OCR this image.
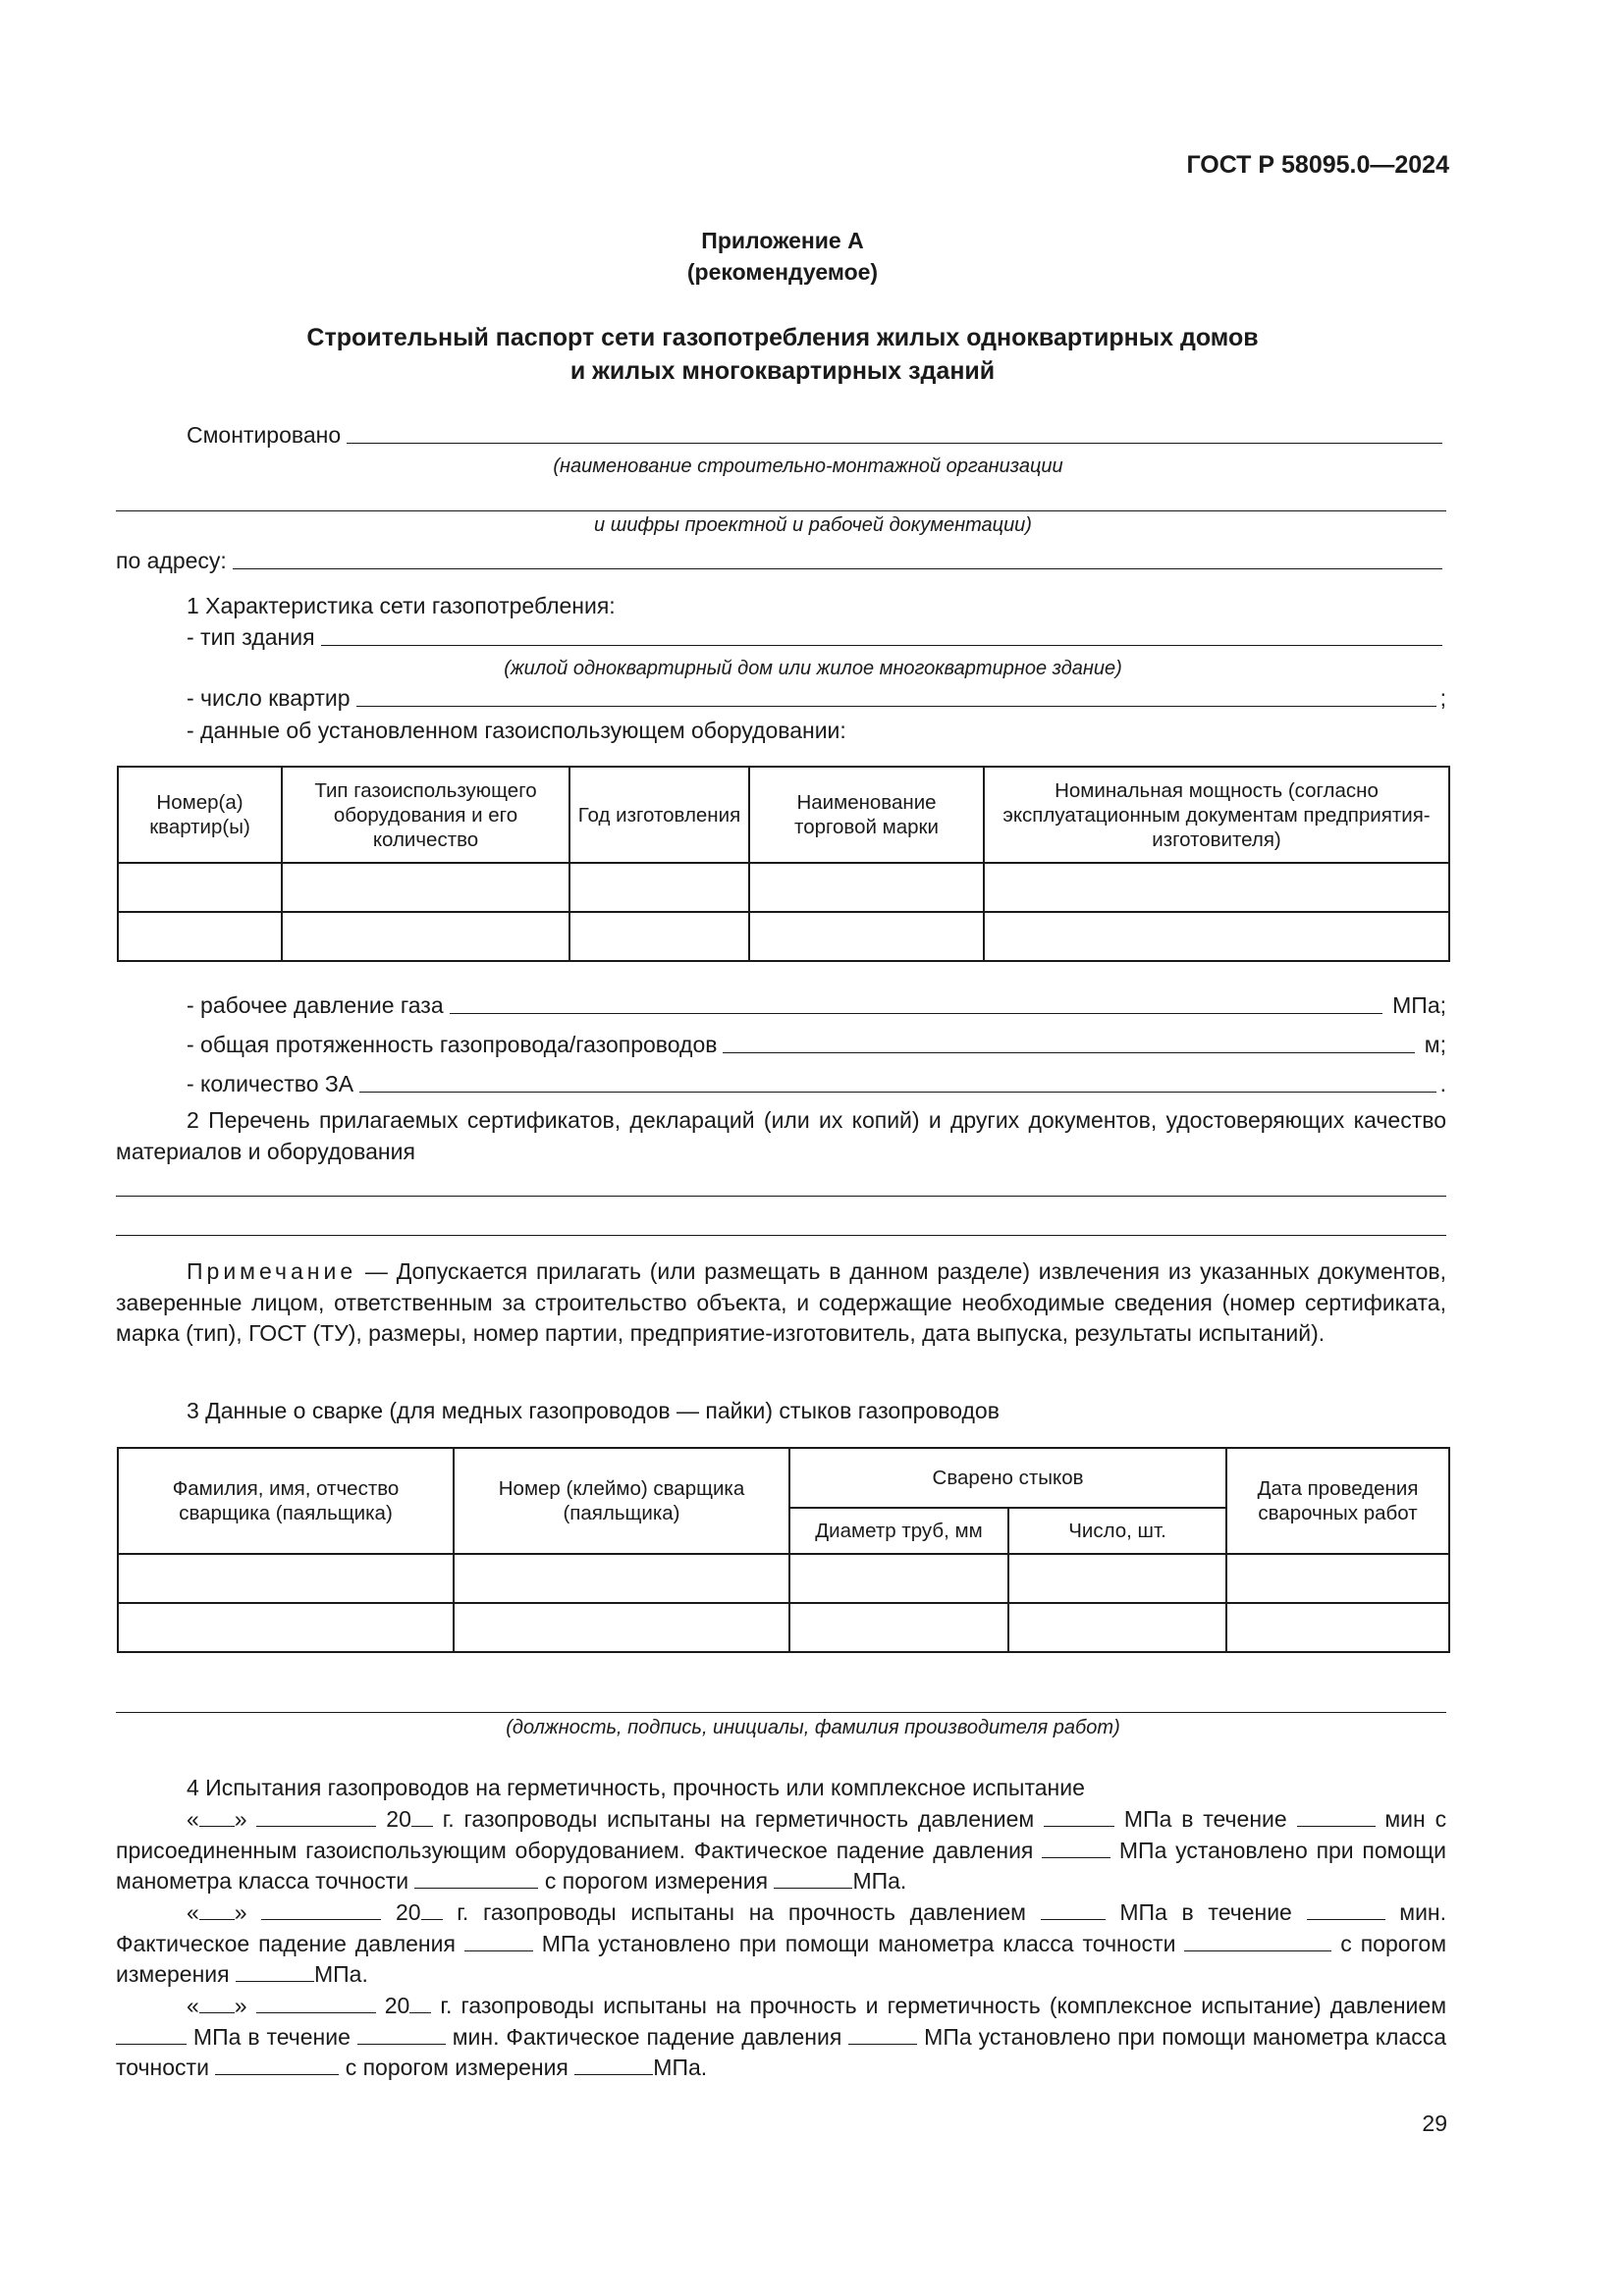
ГОСТ Р 58095.0—2024
Приложение А
(рекомендуемое)
Строительный паспорт сети газопотребления жилых одноквартирных домов
и жилых многоквартирных зданий
Смонтировано
(наименование строительно-монтажной организации
и шифры проектной и рабочей документации)
по адресу:
1 Характеристика сети газопотребления:
- тип здания
(жилой одноквартирный дом или жилое многоквартирное здание)
- число квартир	;
- данные об установленном газоиспользующем оборудовании:
Номер(а) квартир(ы)	Тип газоиспользующего оборудования и его количество	Год изготовления	Наименование торговой марки	Номинальная мощность (согласно эксплуатационным документам предприятия-изготовителя)

- рабочее давление газа	МПа;
- общая протяженность газопровода/газопроводов	м;
- количество ЗА	.

2 Перечень прилагаемых сертификатов, деклараций (или их копий) и других документов, удостоверяющих качество материалов и оборудования

Примечание — Допускается прилагать (или размещать в данном разделе) извлечения из указанных документов, заверенные лицом, ответственным за строительство объекта, и содержащие необходимые сведения (номер сертификата, марка (тип), ГОСТ (ТУ), размеры, номер партии, предприятие-изготовитель, дата выпуска, результаты испытаний).

3 Данные о сварке (для медных газопроводов — пайки) стыков газопроводов
Фамилия, имя, отчество сварщика (паяльщика)	Номер (клеймо) сварщика (паяльщика)	Сварено стыков		Дата проведения сварочных работ
		Диаметр труб, мм	Число, шт.	

(должность, подпись, инициалы, фамилия производителя работ)
4 Испытания газопроводов на герметичность, прочность или комплексное испытание

« »	20 г. газопроводы испытаны на герметичность давлением	МПа в течение	мин с присоединенным газоиспользующим оборудованием. Фактическое падение давления	МПа установлено при помощи манометра класса точности	с порогом измерения	МПа.

« »	20 г. газопроводы испытаны на прочность давлением	МПа в течение	мин. Фактическое падение давления	МПа установлено при помощи манометра класса точности	с порогом измерения	МПа.

« »	20 г. газопроводы испытаны на прочность и герметичность (комплексное испытание) давлением  МПа в течение	мин. Фактическое падение давления	МПа установлено при помощи манометра класса точности	с порогом измерения	МПа.

29
